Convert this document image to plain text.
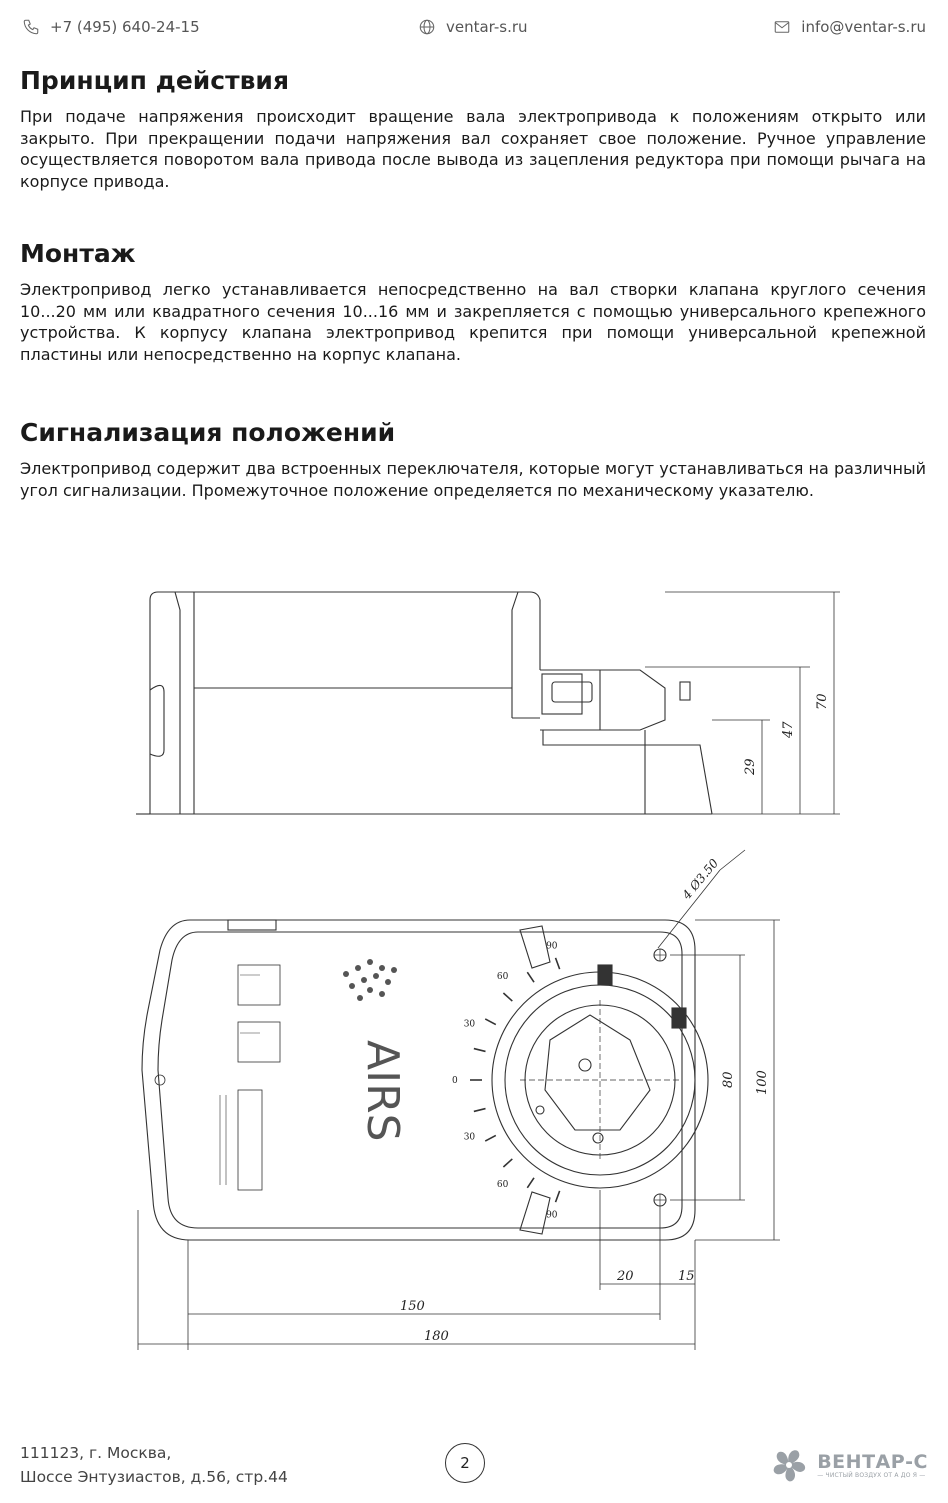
+7 (495) 640-24-15	ventar-s.ru	info@ventar-s.ru
Принцип действия

При подаче напряжения происходит вращение вала электропривода к положениям открыто или закрыто. При прекращении подачи напряжения вал сохраняет свое положение. Ручное управление осуществляется поворотом вала привода после вывода из зацепления редуктора при помощи рычага на корпусе привода.

Монтаж

Электропривод легко устанавливается непосредственно на вал створки клапана круглого сечения 10...20 мм или квадратного сечения 10...16 мм и закрепляется с помощью универсального крепежного устройства. К корпусу клапана электропривод крепится при помощи универсальной крепежной пластины или непосредственно на корпус клапана.

Сигнализация положений

Электропривод содержит два встроенных переключателя, которые могут устанавливаться на различный угол сигнализации. Промежуточное положение определяется по механическому указателю.

70
47
29
90
60
30
0
30
60
90
AIRS	100
80
20	15
150
180
4 Ø3.50
111123, г. Москва,
Шоссе Энтузиастов, д.56, стр.44
2	ВЕНТАР-С
— ЧИСТЫЙ ВОЗДУХ ОТ А ДО Я —
